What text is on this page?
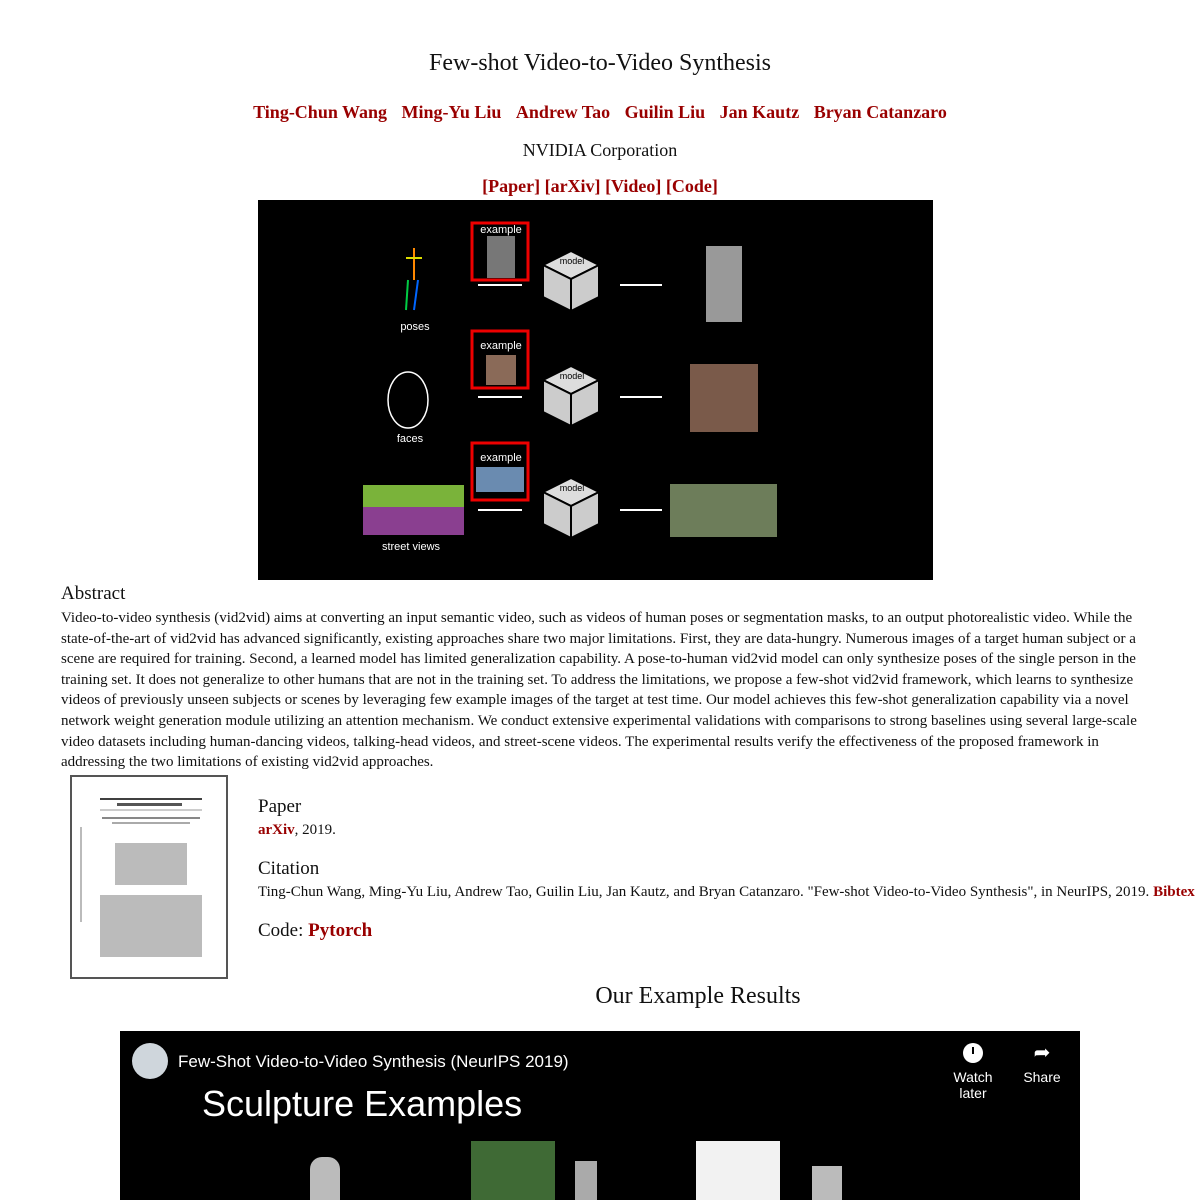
Few-shot Video-to-Video Synthesis
Ting-Chun Wang Ming-Yu Liu Andrew Tao Guilin Liu Jan Kautz Bryan Catanzaro
NVIDIA Corporation
[Paper] [arXiv] [Video] [Code]
poses
example
model
faces
example
model
street views
example
model
Abstract
Video-to-video synthesis (vid2vid) aims at converting an input semantic video, such as videos of human poses or segmentation masks, to an output photorealistic video. While the state-of-the-art of vid2vid has advanced significantly, existing approaches share two major limitations. First, they are data-hungry. Numerous images of a target human subject or a scene are required for training. Second, a learned model has limited generalization capability. A pose-to-human vid2vid model can only synthesize poses of the single person in the training set. It does not generalize to other humans that are not in the training set. To address the limitations, we propose a few-shot vid2vid framework, which learns to synthesize videos of previously unseen subjects or scenes by leveraging few example images of the target at test time. Our model achieves this few-shot generalization capability via a novel network weight generation module utilizing an attention mechanism. We conduct extensive experimental validations with comparisons to strong baselines using several large-scale video datasets including human-dancing videos, talking-head videos, and street-scene videos. The experimental results verify the effectiveness of the proposed framework in addressing the two limitations of existing vid2vid approaches.
Paper
arXiv, 2019.
Citation
Ting-Chun Wang, Ming-Yu Liu, Andrew Tao, Guilin Liu, Jan Kautz, and Bryan Catanzaro. "Few-shot Video-to-Video Synthesis", in NeurIPS, 2019. Bibtex
Code: Pytorch
Our Example Results
Few-Shot Video-to-Video Synthesis (NeurIPS 2019)
Sculpture Examples
Watch later
➦
Share
